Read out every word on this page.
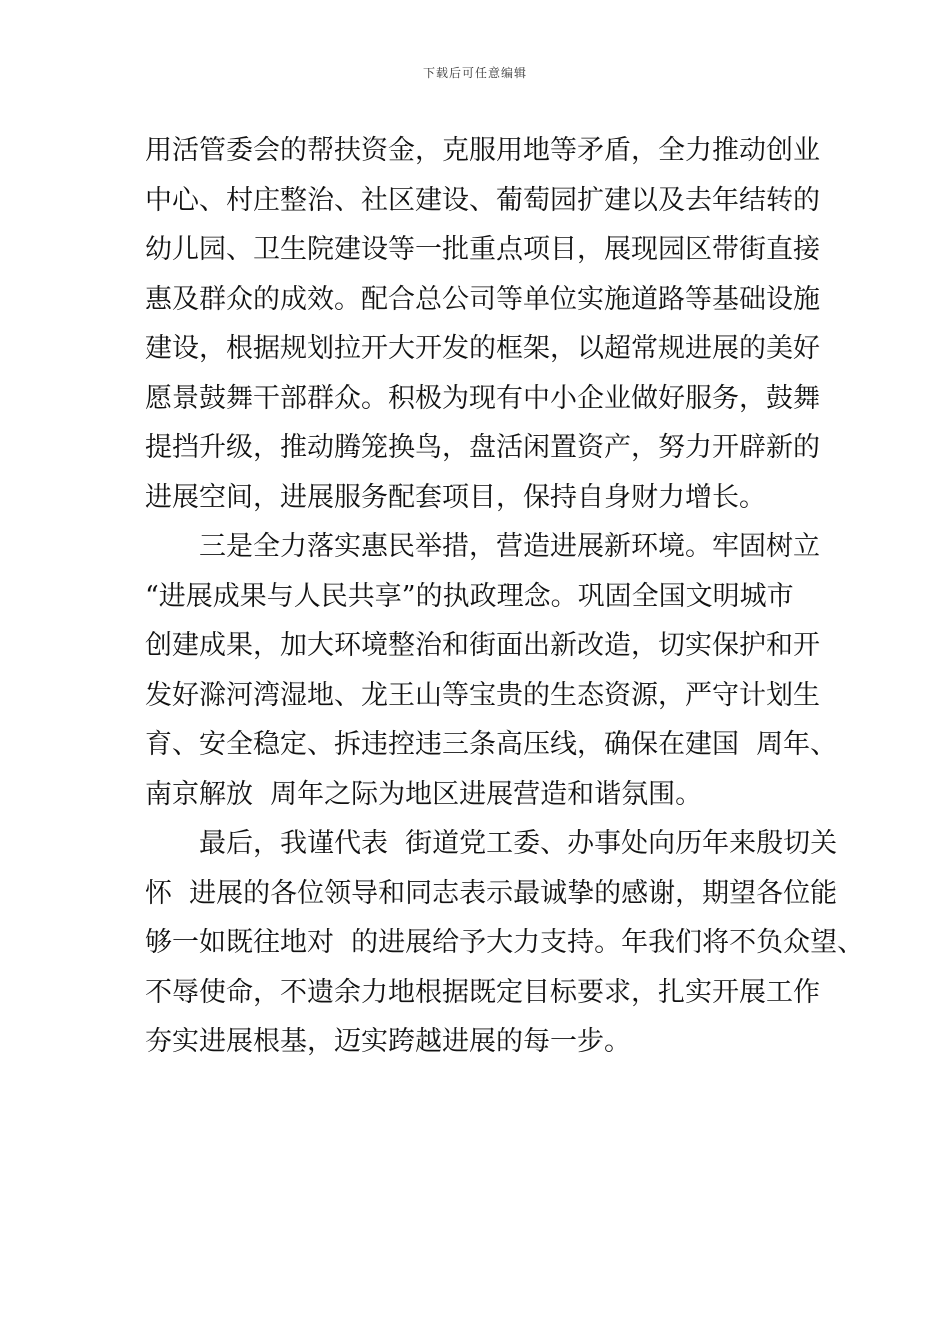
下载后可任意编辑
用活管委会的帮扶资金，克服用地等矛盾，全力推动创业
中心、村庄整治、社区建设、葡萄园扩建以及去年结转的
幼儿园、卫生院建设等一批重点项目，展现园区带街直接
惠及群众的成效。配合总公司等单位实施道路等基础设施
建设，根据规划拉开大开发的框架，以超常规进展的美好
愿景鼓舞干部群众。积极为现有中小企业做好服务，鼓舞
提挡升级，推动腾笼换鸟，盘活闲置资产，努力开辟新的
进展空间，进展服务配套项目，保持自身财力增长。
　　三是全力落实惠民举措，营造进展新环境。牢固树立
“进展成果与人民共享”的执政理念。巩固全国文明城市
创建成果，加大环境整治和街面出新改造，切实保护和开
发好滁河湾湿地、龙王山等宝贵的生态资源，严守计划生
育、安全稳定、拆违控违三条高压线，确保在建国  周年、
南京解放  周年之际为地区进展营造和谐氛围。
　　最后，我谨代表  街道党工委、办事处向历年来殷切关
怀  进展的各位领导和同志表示最诚挚的感谢，期望各位能
够一如既往地对  的进展给予大力支持。年我们将不负众望、
不辱使命，不遗余力地根据既定目标要求，扎实开展工作
夯实进展根基，迈实跨越进展的每一步。
